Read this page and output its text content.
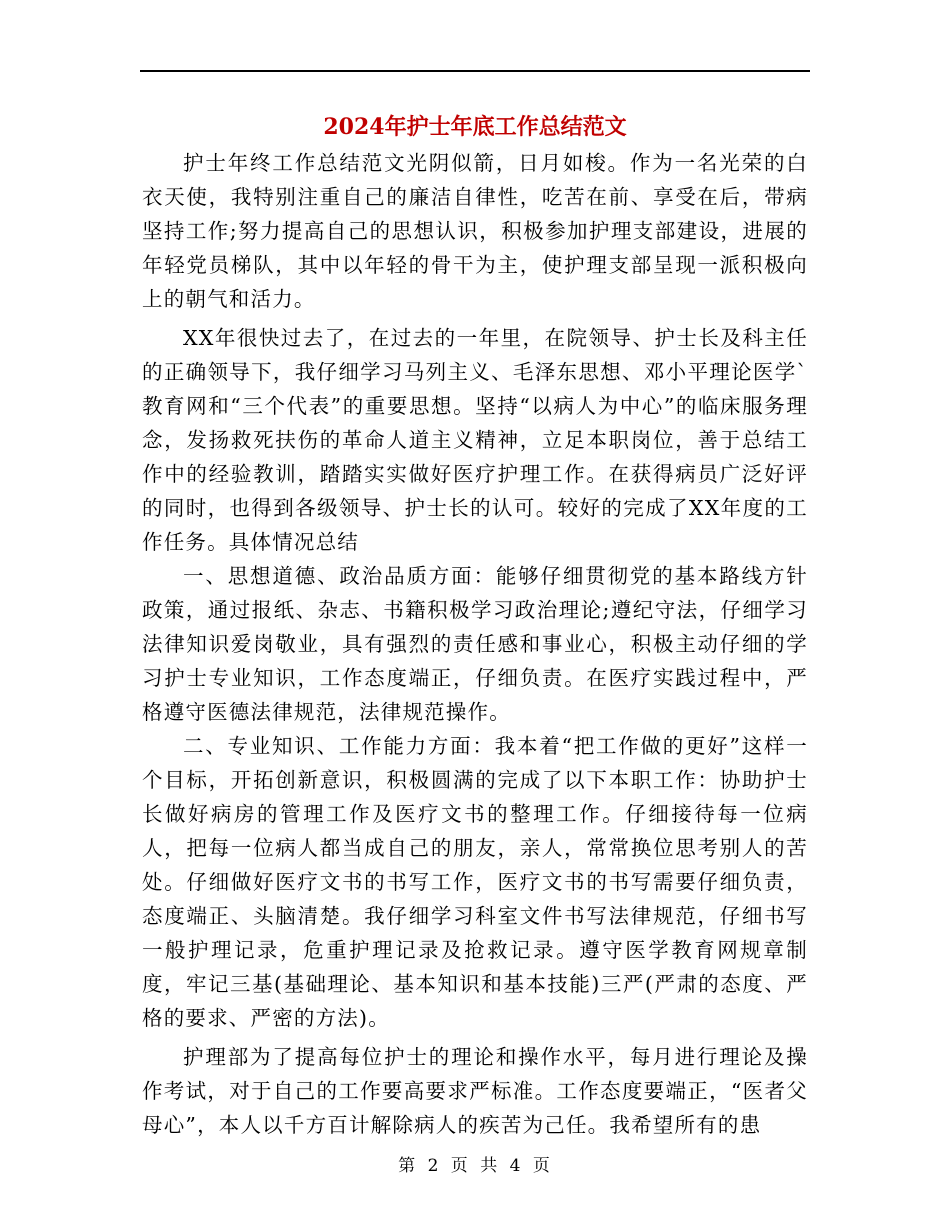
2024年护士年底工作总结范文

护士年终工作总结范文光阴似箭，日月如梭。作为一名光荣的白衣天使，我特别注重自己的廉洁自律性，吃苦在前、享受在后，带病坚持工作;努力提高自己的思想认识，积极参加护理支部建设，进展的年轻党员梯队，其中以年轻的骨干为主，使护理支部呈现一派积极向上的朝气和活力。

XX年很快过去了，在过去的一年里，在院领导、护士长及科主任的正确领导下，我仔细学习马列主义、毛泽东思想、邓小平理论医学`教育网和“三个代表”的重要思想。坚持“以病人为中心”的临床服务理念，发扬救死扶伤的革命人道主义精神，立足本职岗位，善于总结工作中的经验教训，踏踏实实做好医疗护理工作。在获得病员广泛好评的同时，也得到各级领导、护士长的认可。较好的完成了XX年度的工作任务。具体情况总结

一、思想道德、政治品质方面：能够仔细贯彻党的基本路线方针政策，通过报纸、杂志、书籍积极学习政治理论;遵纪守法，仔细学习法律知识爱岗敬业，具有强烈的责任感和事业心，积极主动仔细的学习护士专业知识，工作态度端正，仔细负责。在医疗实践过程中，严格遵守医德法律规范，法律规范操作。

二、专业知识、工作能力方面：我本着“把工作做的更好”这样一个目标，开拓创新意识，积极圆满的完成了以下本职工作：协助护士长做好病房的管理工作及医疗文书的整理工作。仔细接待每一位病人，把每一位病人都当成自己的朋友，亲人，常常换位思考别人的苦处。仔细做好医疗文书的书写工作，医疗文书的书写需要仔细负责，态度端正、头脑清楚。我仔细学习科室文件书写法律规范，仔细书写一般护理记录，危重护理记录及抢救记录。遵守医学教育网规章制度，牢记三基(基础理论、基本知识和基本技能)三严(严肃的态度、严格的要求、严密的方法)。

护理部为了提高每位护士的理论和操作水平，每月进行理论及操作考试，对于自己的工作要高要求严标准。工作态度要端正，“医者父母心”，本人以千方百计解除病人的疾苦为己任。我希望所有的患

第 2 页 共 4 页
